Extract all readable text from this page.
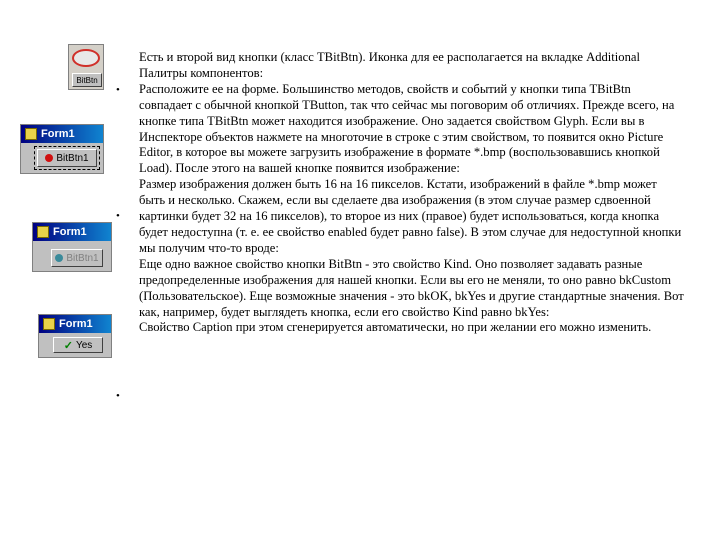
BitBtn
Form1
BitBtn1
Form1
BitBtn1
Form1
✓ Yes
•
•
•

Есть и второй вид кнопки (класс TBitBtn). Иконка для ее располагается на вкладке Additional Палитры компонентов:

Расположите ее на форме. Большинство методов, свойств и событий у кнопки типа TBitBtn совпадает с обычной кнопкой TButton, так что сейчас мы поговорим об отличиях. Прежде всего, на кнопке типа TBitBtn может находится изображение. Оно задается свойством Glyph. Если вы в Инспекторе объектов нажмете на многоточие в строке с этим свойством, то появится окно Picture Editor, в которое вы можете загрузить изображение в формате *.bmp (воспользовавшись кнопкой Load). После этого на вашей кнопке появится изображение:

Размер изображения должен быть 16 на 16 пикселов. Кстати, изображений в файле *.bmp может быть и несколько. Скажем, если вы сделаете два изображения (в этом случае размер сдвоенной картинки будет 32 на 16 пикселов), то второе из них (правое) будет использоваться, когда кнопка будет недоступна (т. е. ее свойство enabled будет равно false). В этом случае для недоступной кнопки мы получим что-то вроде:

Еще одно важное свойство кнопки BitBtn - это свойство Kind. Оно позволяет задавать разные предопределенные изображения для нашей кнопки. Если вы его не меняли, то оно равно bkCustom (Пользовательское). Еще возможные значения - это bkOK, bkYes и другие стандартные значения. Вот как, например, будет выглядеть кнопка, если его свойство Kind равно bkYes:

Свойство Caption при этом сгенерируется автоматически, но при желании его можно изменить.
